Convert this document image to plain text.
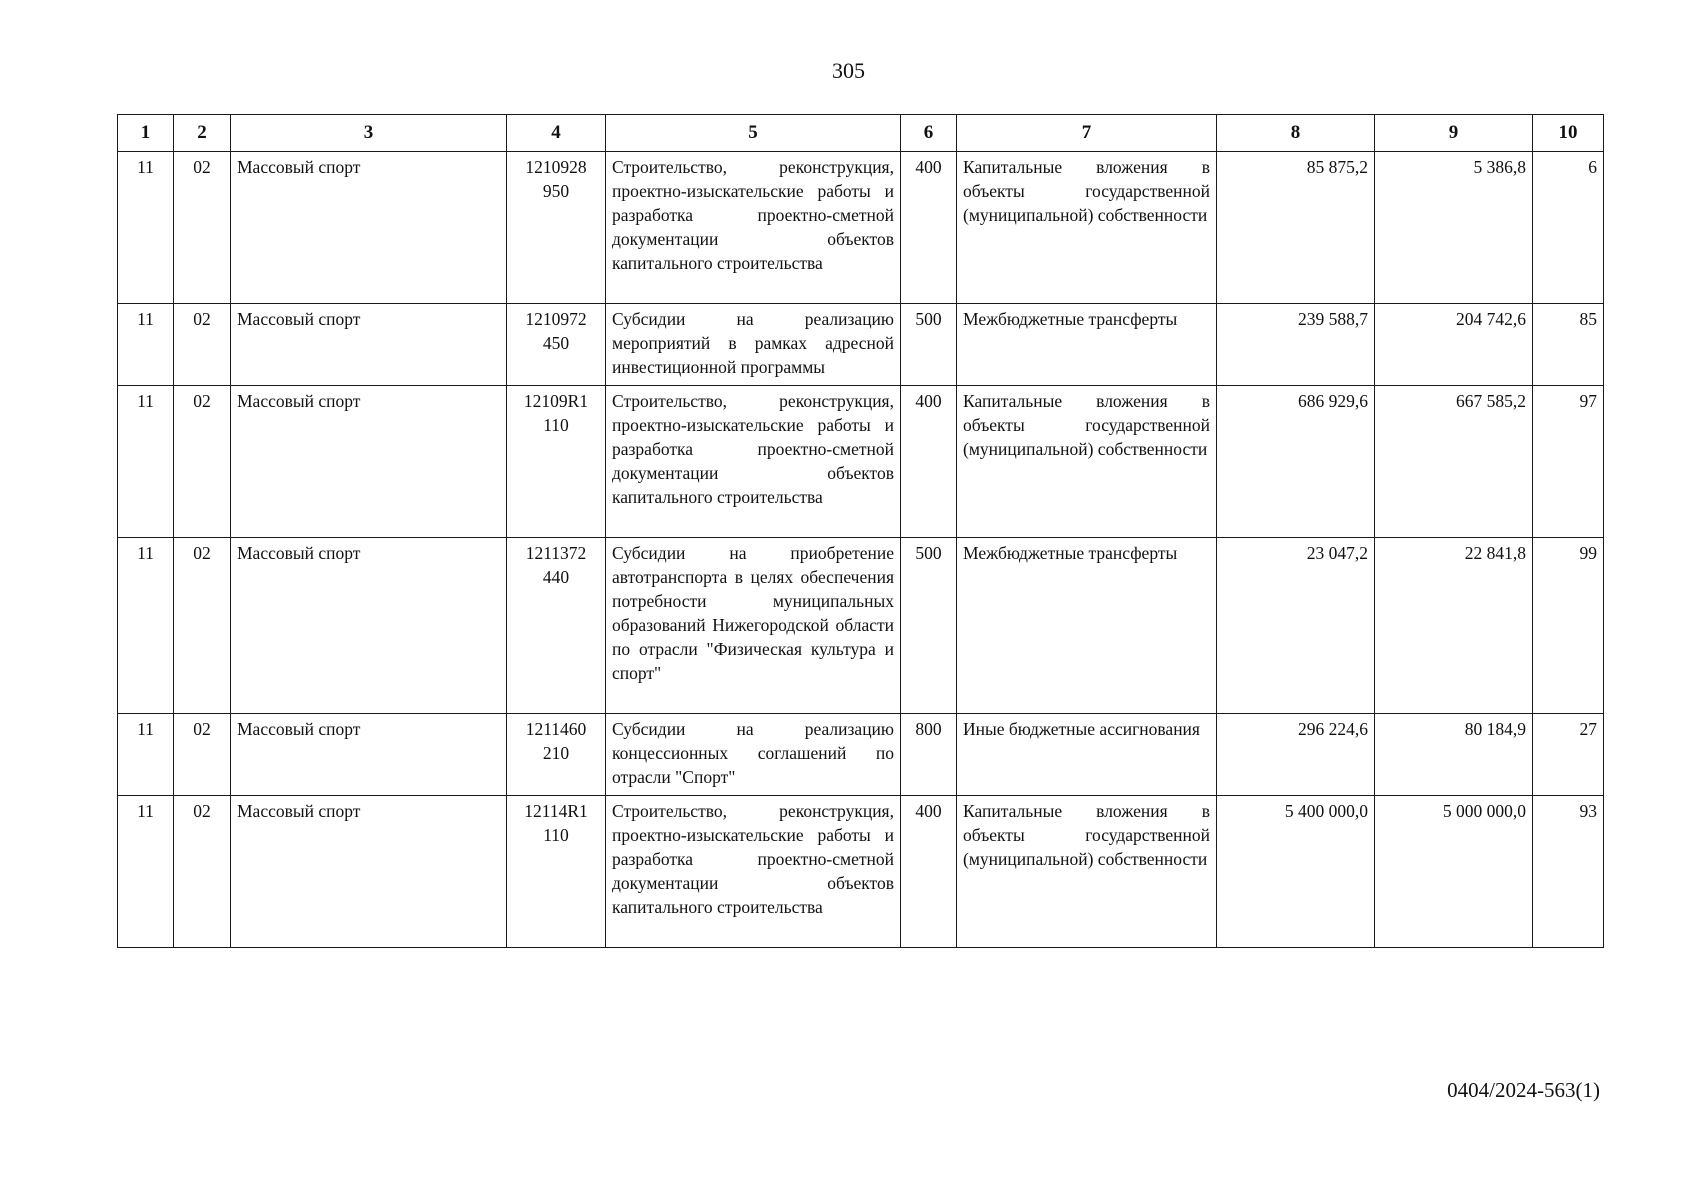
305
1	2	3	4	5	6	7	8	9	10
11	02	Массовый спорт	1210928 950	Строительство, реконструкция, проектно-изыскательские работы и разработка проектно-сметной документации объектов капитального строительства	400	Капитальные вложения в объекты государственной (муниципальной) собственности	85 875,2	5 386,8	6
11	02	Массовый спорт	1210972 450	Субсидии на реализацию мероприятий в рамках адресной инвестиционной программы	500	Межбюджетные трансферты	239 588,7	204 742,6	85
11	02	Массовый спорт	12109R1 110	Строительство, реконструкция, проектно-изыскательские работы и разработка проектно-сметной документации объектов капитального строительства	400	Капитальные вложения в объекты государственной (муниципальной) собственности	686 929,6	667 585,2	97
11	02	Массовый спорт	1211372 440	Субсидии на приобретение автотранспорта в целях обеспечения потребности муниципальных образований Нижегородской области по отрасли "Физическая культура и спорт"	500	Межбюджетные трансферты	23 047,2	22 841,8	99
11	02	Массовый спорт	1211460 210	Субсидии на реализацию концессионных соглашений по отрасли "Спорт"	800	Иные бюджетные ассигнования	296 224,6	80 184,9	27
11	02	Массовый спорт	12114R1 110	Строительство, реконструкция, проектно-изыскательские работы и разработка проектно-сметной документации объектов капитального строительства	400	Капитальные вложения в объекты государственной (муниципальной) собственности	5 400 000,0	5 000 000,0	93
0404/2024-563(1)
